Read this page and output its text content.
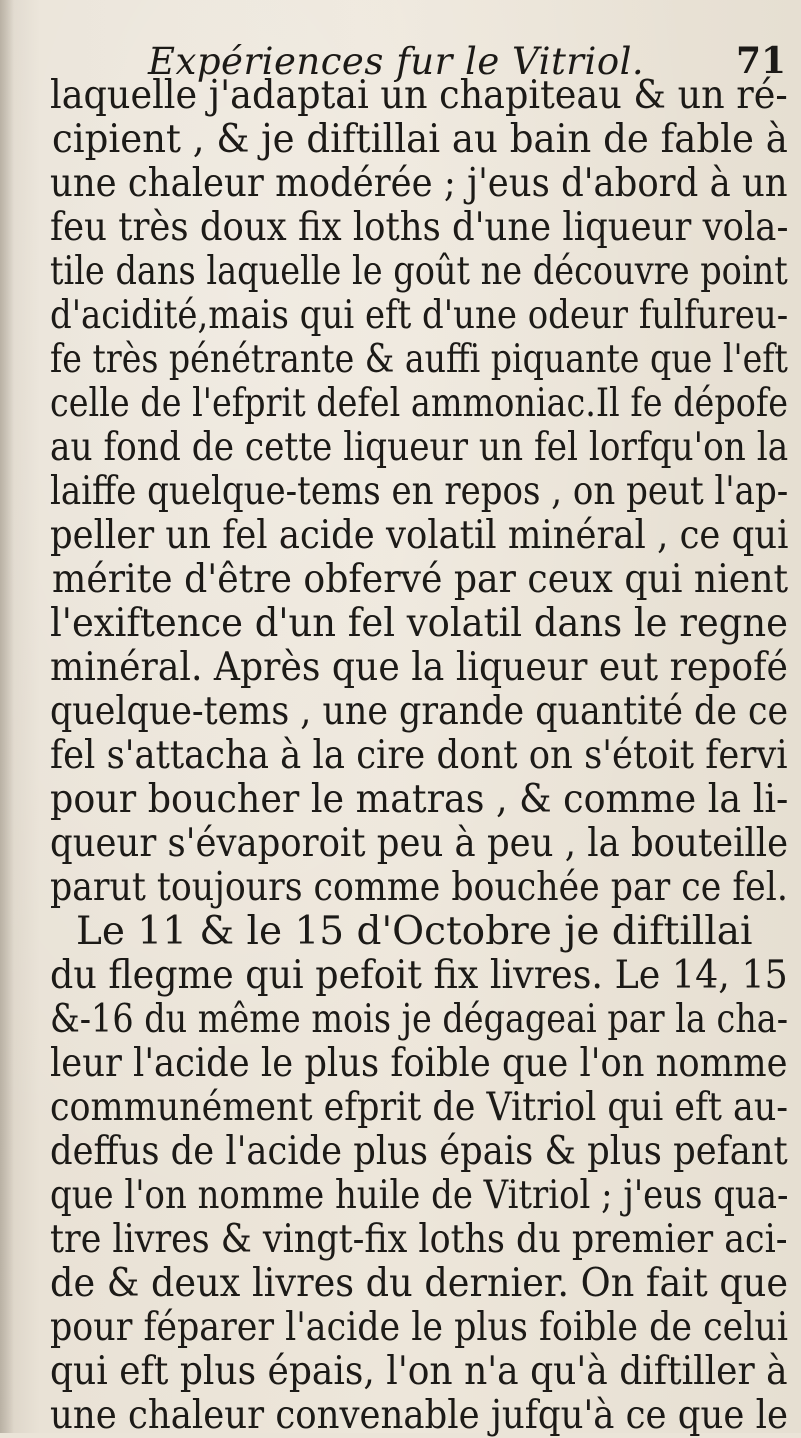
Expériences fur le Vitriol.	71
laquelle j'adaptai un chapiteau & un ré-
cipient , & je diftillai au bain de fable à
une chaleur modérée ; j'eus d'abord à un
feu très doux fix loths d'une liqueur vola-
tile dans laquelle le goût ne découvre point
d'acidité,mais qui eft d'une odeur fulfureu-
fe très pénétrante & auffi piquante que l'eft
celle de l'efprit defel ammoniac.Il fe dépofe
au fond de cette liqueur un fel lorfqu'on la
laiffe quelque-tems en repos , on peut l'ap-
peller un fel acide volatil minéral , ce qui
mérite d'être obfervé par ceux qui nient
l'exiftence d'un fel volatil dans le regne
minéral. Après que la liqueur eut repofé
quelque-tems , une grande quantité de ce
fel s'attacha à la cire dont on s'étoit fervi
pour boucher le matras , & comme la li-
queur s'évaporoit peu à peu , la bouteille
parut toujours comme bouchée par ce fel.
Le 11 & le 15 d'Octobre je diftillai
du flegme qui pefoit fix livres. Le 14, 15
&-16 du même mois je dégageai par la cha-
leur l'acide le plus foible que l'on nomme
communément efprit de Vitriol qui eft au-
deffus de l'acide plus épais & plus pefant
que l'on nomme huile de Vitriol ; j'eus qua-
tre livres & vingt-fix loths du premier aci-
de & deux livres du dernier. On fait que
pour féparer l'acide le plus foible de celui
qui eft plus épais, l'on n'a qu'à diftiller à
une chaleur convenable jufqu'à ce que le
